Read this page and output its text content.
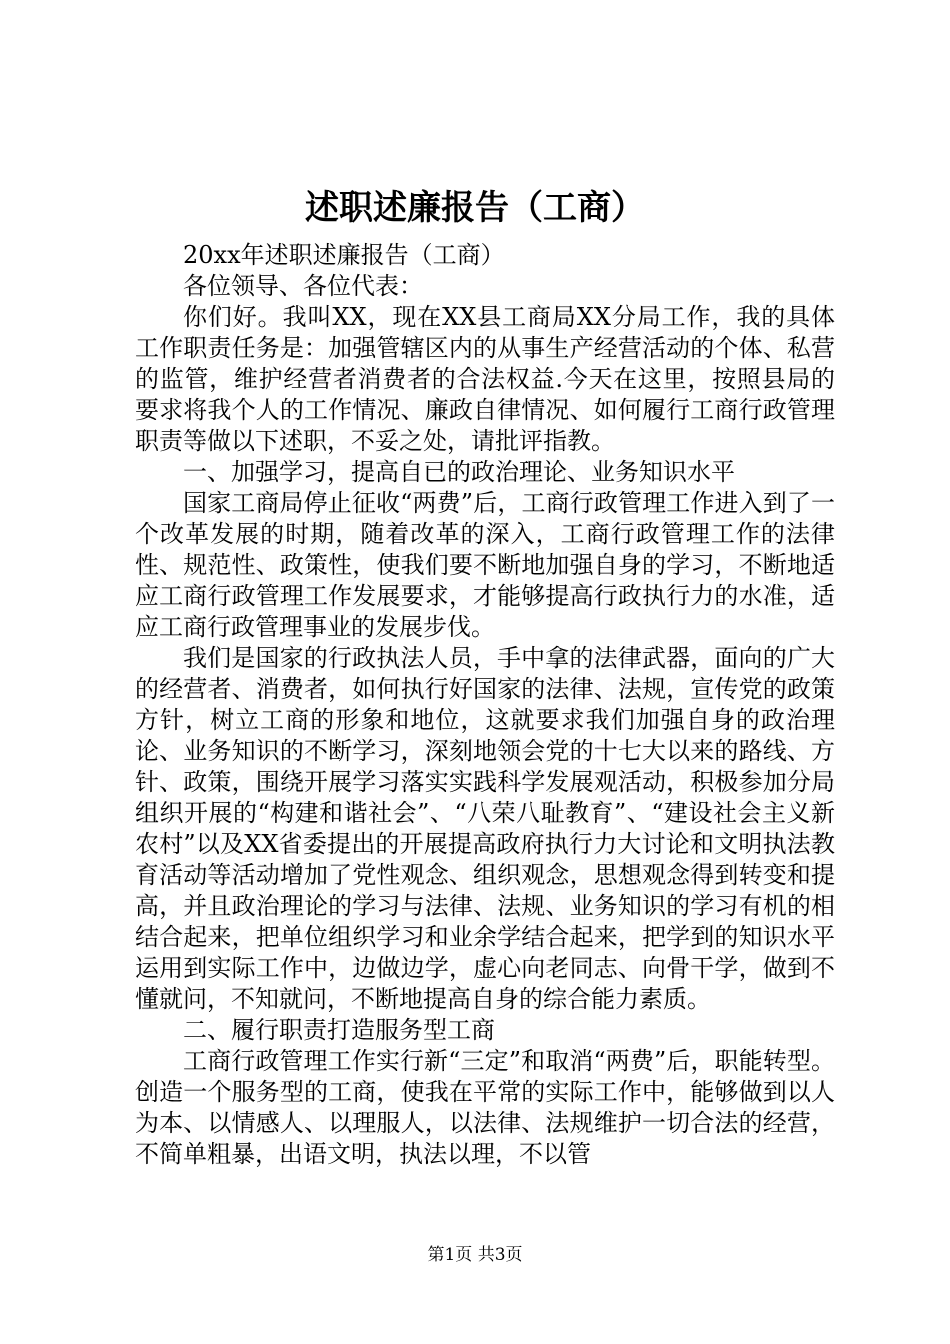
述职述廉报告（工商）

20xx年述职述廉报告（工商）

各位领导、各位代表：

你们好。我叫XX，现在XX县工商局XX分局工作，我的具体工作职责任务是：加强管辖区内的从事生产经营活动的个体、私营的监管，维护经营者消费者的合法权益.今天在这里，按照县局的要求将我个人的工作情况、廉政自律情况、如何履行工商行政管理职责等做以下述职，不妥之处，请批评指教。

一、加强学习，提高自已的政治理论、业务知识水平

国家工商局停止征收“两费”后，工商行政管理工作进入到了一个改革发展的时期，随着改革的深入，工商行政管理工作的法律性、规范性、政策性，使我们要不断地加强自身的学习，不断地适应工商行政管理工作发展要求，才能够提高行政执行力的水准，适应工商行政管理事业的发展步伐。

我们是国家的行政执法人员，手中拿的法律武器，面向的广大的经营者、消费者，如何执行好国家的法律、法规，宣传党的政策方针，树立工商的形象和地位，这就要求我们加强自身的政治理论、业务知识的不断学习，深刻地领会党的十七大以来的路线、方针、政策，围绕开展学习落实实践科学发展观活动，积极参加分局组织开展的“构建和谐社会”、“八荣八耻教育”、“建设社会主义新农村”以及XX省委提出的开展提高政府执行力大讨论和文明执法教育活动等活动增加了党性观念、组织观念，思想观念得到转变和提高，并且政治理论的学习与法律、法规、业务知识的学习有机的相结合起来，把单位组织学习和业余学结合起来，把学到的知识水平运用到实际工作中，边做边学，虚心向老同志、向骨干学，做到不懂就问，不知就问，不断地提高自身的综合能力素质。

二、履行职责打造服务型工商

工商行政管理工作实行新“三定”和取消“两费”后，职能转型。创造一个服务型的工商，使我在平常的实际工作中，能够做到以人为本、以情感人、以理服人，以法律、法规维护一切合法的经营，不简单粗暴，出语文明，执法以理，不以管

第1页 共3页
